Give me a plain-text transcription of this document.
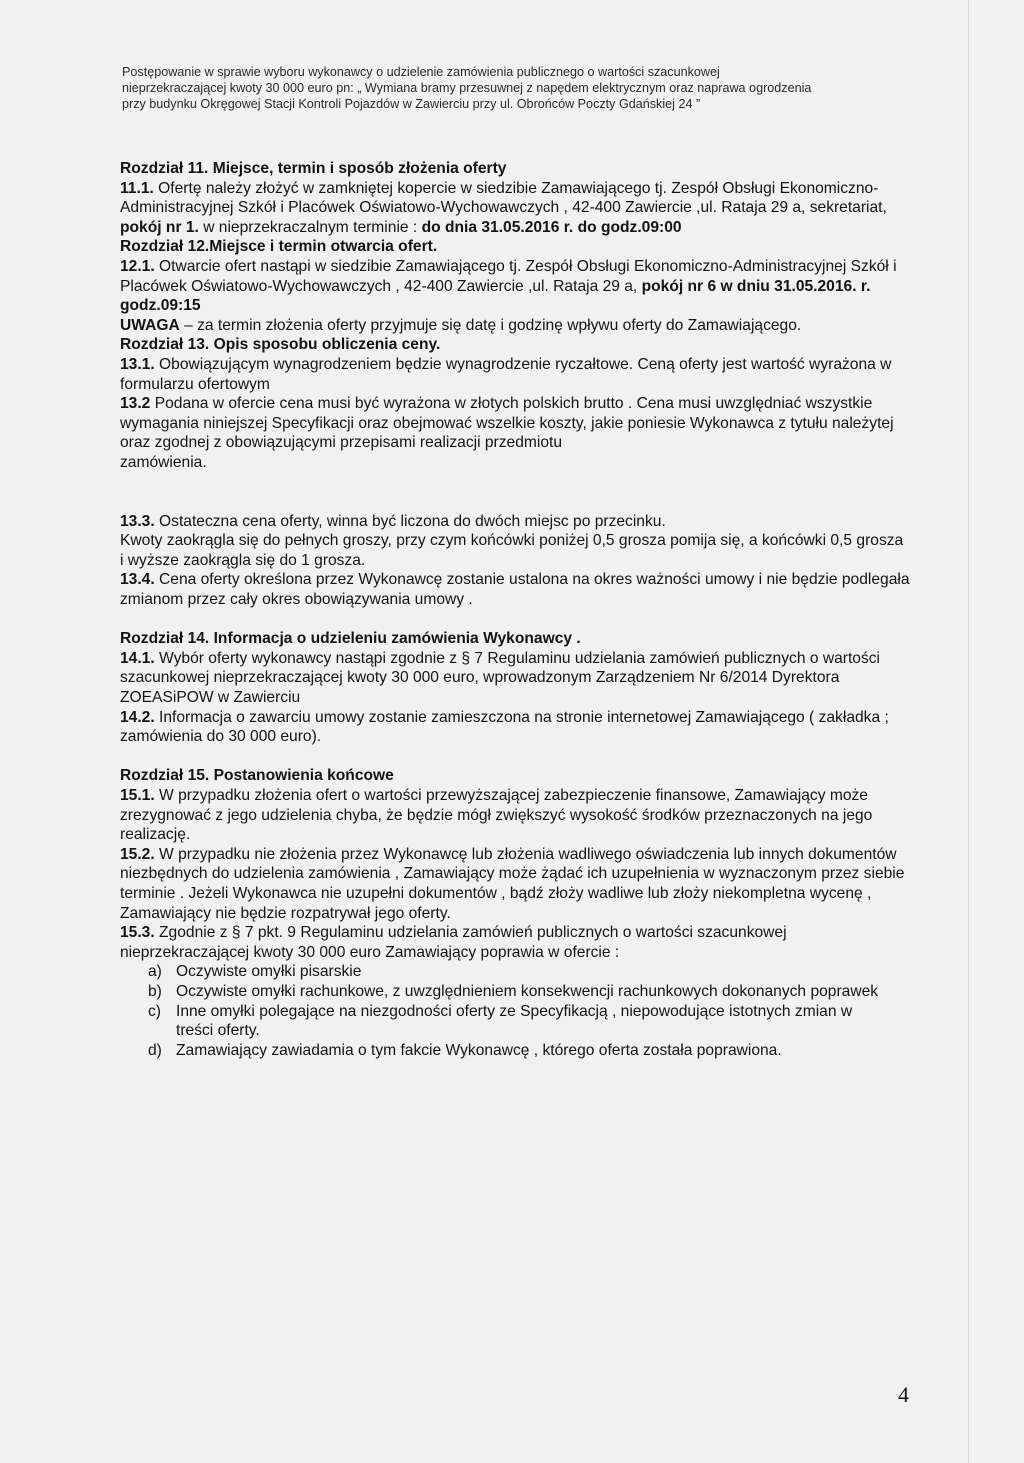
Postępowanie w sprawie wyboru wykonawcy o udzielenie zamówienia publicznego o wartości szacunkowej
nieprzekraczającej kwoty 30 000 euro pn: „ Wymiana bramy przesuwnej z napędem elektrycznym oraz naprawa ogrodzenia
przy budynku Okręgowej Stacji Kontroli Pojazdów w Zawierciu przy ul. Obrońców Poczty Gdańskiej 24 ”

Rozdział 11. Miejsce, termin i sposób złożenia oferty

11.1. Ofertę należy złożyć w zamkniętej kopercie w siedzibie Zamawiającego tj. Zespół Obsługi Ekonomiczno-Administracyjnej Szkół i Placówek Oświatowo-Wychowawczych , 42-400 Zawiercie ,ul. Rataja 29 a, sekretariat, pokój nr 1. w nieprzekraczalnym terminie : do dnia 31.05.2016 r. do godz.09:00

Rozdział 12.Miejsce i termin otwarcia ofert.

12.1. Otwarcie ofert nastąpi w siedzibie Zamawiającego tj. Zespół Obsługi Ekonomiczno-Administracyjnej Szkół i Placówek Oświatowo-Wychowawczych , 42-400 Zawiercie ,ul. Rataja 29 a, pokój nr 6 w dniu 31.05.2016. r. godz.09:15

UWAGA – za termin złożenia oferty przyjmuje się datę i godzinę wpływu oferty do Zamawiającego.

Rozdział 13. Opis sposobu obliczenia ceny.

13.1. Obowiązującym wynagrodzeniem będzie wynagrodzenie ryczałtowe. Ceną oferty jest wartość wyrażona w formularzu ofertowym

13.2 Podana w ofercie cena musi być wyrażona w złotych polskich brutto . Cena musi uwzględniać wszystkie wymagania niniejszej Specyfikacji oraz obejmować wszelkie koszty, jakie poniesie Wykonawca z tytułu należytej oraz zgodnej z obowiązującymi przepisami realizacji przedmiotu

zamówienia.

13.3. Ostateczna cena oferty, winna być liczona do dwóch miejsc po przecinku.

Kwoty zaokrągla się do pełnych groszy, przy czym końcówki poniżej 0,5 grosza pomija się, a końcówki 0,5 grosza i wyższe zaokrągla się do 1 grosza.

13.4. Cena oferty określona przez Wykonawcę zostanie ustalona na okres ważności umowy i nie będzie podlegała zmianom przez cały okres obowiązywania umowy .

Rozdział 14. Informacja o udzieleniu zamówienia Wykonawcy .

14.1. Wybór oferty wykonawcy nastąpi zgodnie z § 7 Regulaminu udzielania zamówień publicznych o wartości szacunkowej nieprzekraczającej kwoty 30 000 euro, wprowadzonym Zarządzeniem Nr 6/2014 Dyrektora ZOEASiPOW w Zawierciu

14.2. Informacja o zawarciu umowy zostanie zamieszczona na stronie internetowej Zamawiającego ( zakładka ; zamówienia do 30 000 euro).

Rozdział 15. Postanowienia końcowe

15.1. W przypadku złożenia ofert o wartości przewyższającej zabezpieczenie finansowe, Zamawiający może zrezygnować z jego udzielenia chyba, że będzie mógł zwiększyć wysokość środków przeznaczonych na jego realizację.

15.2. W przypadku nie złożenia przez Wykonawcę lub złożenia wadliwego oświadczenia lub innych dokumentów niezbędnych do udzielenia zamówienia , Zamawiający może żądać ich uzupełnienia w wyznaczonym przez siebie terminie . Jeżeli Wykonawca nie uzupełni dokumentów , bądź złoży wadliwe lub złoży niekompletna wycenę , Zamawiający nie będzie rozpatrywał jego oferty.

15.3. Zgodnie z § 7 pkt. 9 Regulaminu udzielania zamówień publicznych o wartości szacunkowej nieprzekraczającej kwoty 30 000 euro Zamawiający poprawia w ofercie :

a) Oczywiste omyłki pisarskie
b) Oczywiste omyłki rachunkowe, z uwzględnieniem konsekwencji rachunkowych dokonanych poprawek
c) Inne omyłki polegające na niezgodności oferty ze Specyfikacją , niepowodujące istotnych zmian w treści oferty.
d) Zamawiający zawiadamia o tym fakcie Wykonawcę , którego oferta została poprawiona.
4
